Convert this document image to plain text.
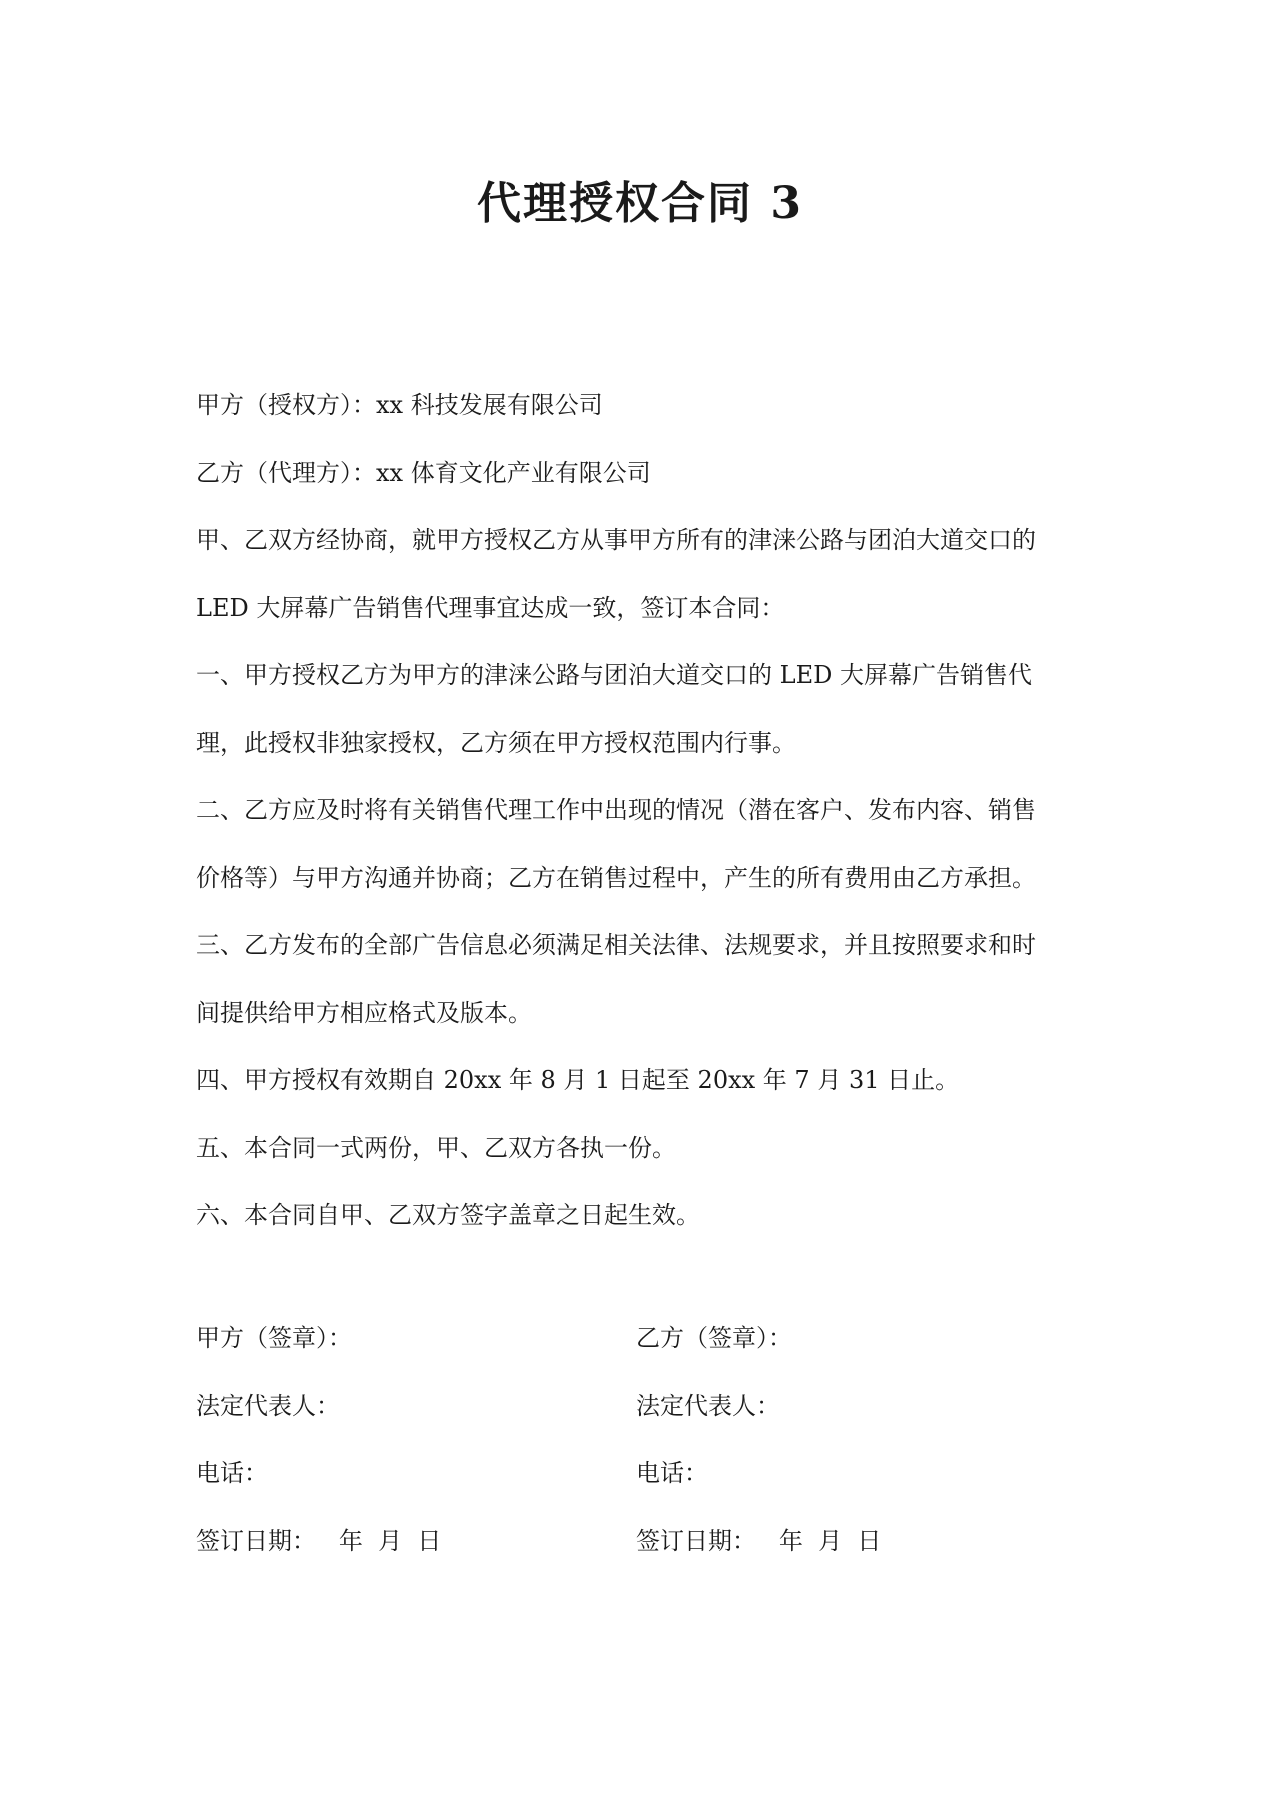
代理授权合同 3

甲方（授权方）：xx 科技发展有限公司

乙方（代理方）：xx 体育文化产业有限公司

甲、乙双方经协商，就甲方授权乙方从事甲方所有的津涞公路与团泊大道交口的

LED 大屏幕广告销售代理事宜达成一致，签订本合同：

一、甲方授权乙方为甲方的津涞公路与团泊大道交口的 LED 大屏幕广告销售代

理，此授权非独家授权，乙方须在甲方授权范围内行事。

二、乙方应及时将有关销售代理工作中出现的情况（潜在客户、发布内容、销售

价格等）与甲方沟通并协商；乙方在销售过程中，产生的所有费用由乙方承担。

三、乙方发布的全部广告信息必须满足相关法律、法规要求，并且按照要求和时

间提供给甲方相应格式及版本。

四、甲方授权有效期自 20xx 年 8 月 1 日起至 20xx 年 7 月 31 日止。

五、本合同一式两份，甲、乙双方各执一份。

六、本合同自甲、乙双方签字盖章之日起生效。

甲方（签章）：	乙方（签章）：
法定代表人：	法定代表人：
电话：	电话：
签订日期：   年  月  日	签订日期：   年  月  日
